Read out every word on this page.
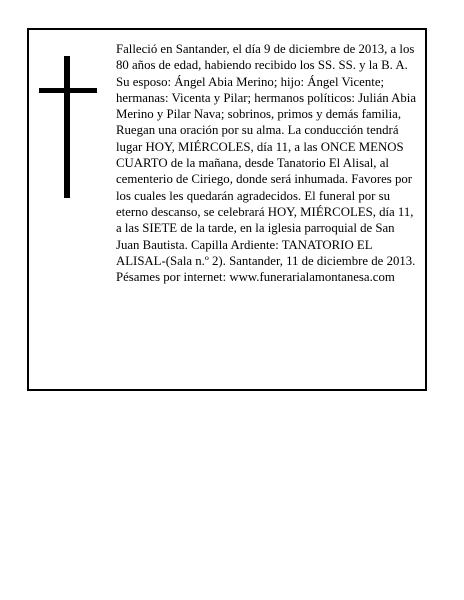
Falleció en Santander, el día 9 de diciembre de 2013, a los 80 años de edad, habiendo recibido los SS. SS. y la B. A.
Su esposo: Ángel Abia Merino; hijo: Ángel Vicente; hermanas: Vicenta y Pilar; hermanos políticos: Julián Abia Merino y Pilar Nava; sobrinos, primos y demás familia,
Ruegan una oración por su alma. La conducción tendrá lugar HOY, MIÉRCOLES, día 11, a las ONCE MENOS CUARTO de la mañana, desde Tanatorio El Alisal, al cementerio de Ciriego, donde será inhumada. Favores por los cuales les quedarán agradecidos. El funeral por su eterno descanso, se celebrará HOY, MIÉRCOLES, día 11, a las SIETE de la tarde, en la iglesia parroquial de San Juan Bautista. Capilla Ardiente: TANATORIO EL ALISAL-(Sala n.º 2). Santander, 11 de diciembre de 2013. Pésames por internet: www.funerarialamontanesa.com
